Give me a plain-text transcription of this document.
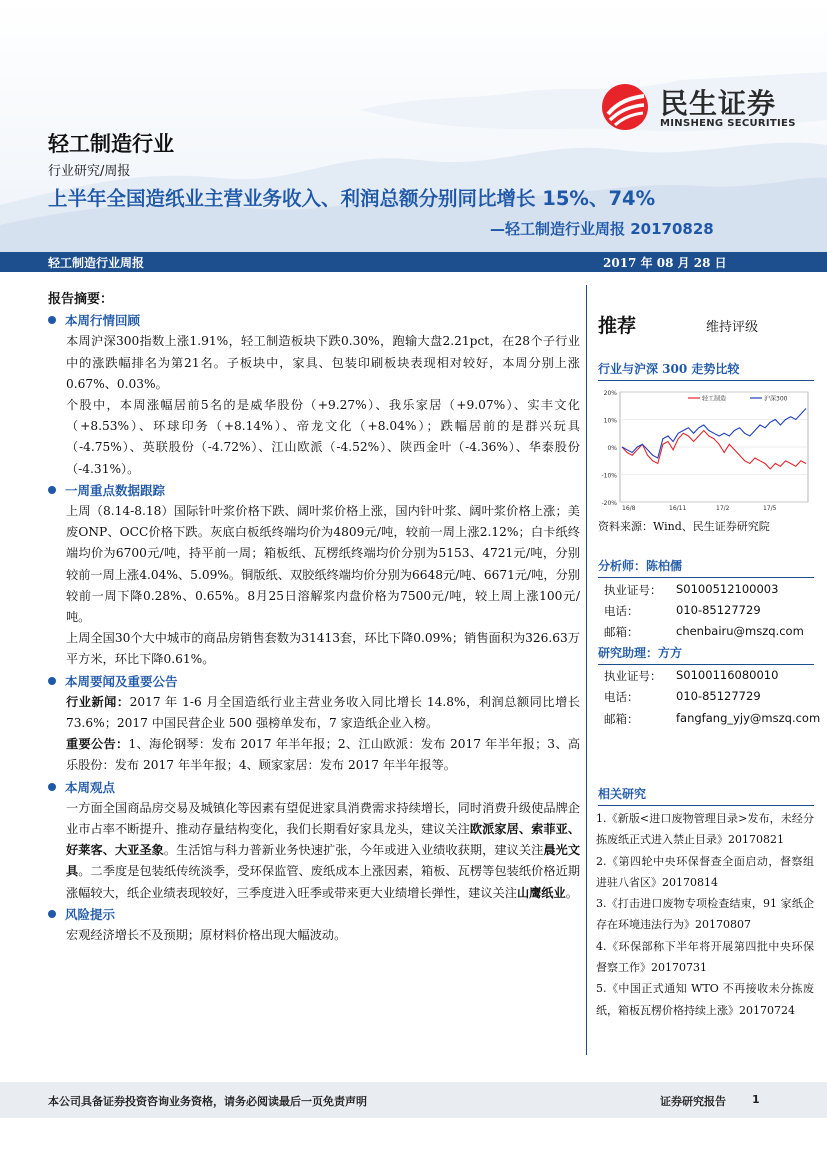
民生证券
MINSHENG SECURITIES
轻工制造行业
行业研究/周报
上半年全国造纸业主营业务收入、利润总额分别同比增长 15%、74%
—轻工制造行业周报 20170828
轻工制造行业周报	2017 年 08 月 28 日

报告摘要：

本周行情回顾

本周沪深300指数上涨1.91%，轻工制造板块下跌0.30%，跑输大盘2.21pct，在28个子行业中的涨跌幅排名为第21名。子板块中，家具、包装印刷板块表现相对较好，本周分别上涨0.67%、0.03%。

个股中，本周涨幅居前5名的是威华股份（+9.27%）、我乐家居（+9.07%）、实丰文化（+8.53%）、环球印务（+8.14%）、帝龙文化（+8.04%）；跌幅居前的是群兴玩具（-4.75%）、英联股份（-4.72%）、江山欧派（-4.52%）、陕西金叶（-4.36%）、华泰股份（-4.31%）。

一周重点数据跟踪

上周（8.14-8.18）国际针叶浆价格下跌、阔叶浆价格上涨，国内针叶浆、阔叶浆价格上涨；美废ONP、OCC价格下跌。灰底白板纸终端均价为4809元/吨，较前一周上涨2.12%；白卡纸终端均价为6700元/吨，持平前一周；箱板纸、瓦楞纸终端均价分别为5153、4721元/吨，分别较前一周上涨4.04%、5.09%。铜版纸、双胶纸终端均价分别为6648元/吨、6671元/吨，分别较前一周下降0.28%、0.65%。8月25日溶解浆内盘价格为7500元/吨，较上周上涨100元/吨。

上周全国30个大中城市的商品房销售套数为31413套，环比下降0.09%；销售面积为326.63万平方米，环比下降0.61%。

本周要闻及重要公告

行业新闻：2017 年 1-6 月全国造纸行业主营业务收入同比增长 14.8%，利润总额同比增长 73.6%；2017 中国民营企业 500 强榜单发布，7 家造纸企业入榜。

重要公告：1、海伦钢琴：发布 2017 年半年报；2、江山欧派：发布 2017 年半年报；3、高乐股份：发布 2017 年半年报；4、顾家家居：发布 2017 年半年报等。

本周观点

一方面全国商品房交易及城镇化等因素有望促进家具消费需求持续增长，同时消费升级使品牌企业市占率不断提升、推动存量结构变化，我们长期看好家具龙头，建议关注欧派家居、索菲亚、好莱客、大亚圣象。生活馆与科力普新业务快速扩张，今年或进入业绩收获期，建议关注晨光文具。二季度是包装纸传统淡季，受环保监管、废纸成本上涨因素，箱板、瓦楞等包装纸价格近期涨幅较大，纸企业绩表现较好，三季度进入旺季或带来更大业绩增长弹性，建议关注山鹰纸业。

风险提示

宏观经济增长不及预期；原材料价格出现大幅波动。

推荐	维持评级
行业与沪深 300 走势比较
20%
10%
0%
-10%
-20%
16/8	16/11	17/2	17/5
轻工制造	沪深300
资料来源：Wind、民生证券研究院
分析师：陈柏儒
执业证号： S0100512100003
电话：	010-85127729
邮箱：	chenbairu@mszq.com
研究助理：方方
执业证号： S0100116080010
电话：	010-85127729
邮箱：	fangfang_yjy@mszq.com
相关研究

1.《新版<进口废物管理目录>发布，未经分拣废纸正式进入禁止目录》20170821

2.《第四轮中央环保督查全面启动，督察组进驻八省区》20170814

3.《打击进口废物专项检查结束，91 家纸企存在环境违法行为》20170807

4.《环保部称下半年将开展第四批中央环保督察工作》20170731

5.《中国正式通知 WTO 不再接收未分拣废纸，箱板瓦楞价格持续上涨》20170724

本公司具备证券投资咨询业务资格，请务必阅读最后一页免责声明	证券研究报告 1
